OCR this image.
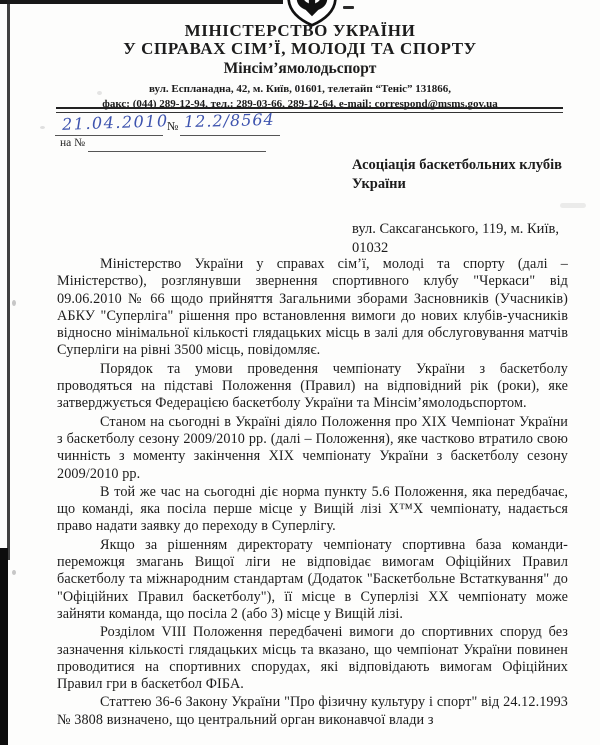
МІНІСТЕРСТВО УКРАЇНИ
У СПРАВАХ СІМ’Ї, МОЛОДІ ТА СПОРТУ
Мінсім’ямолодьспорт
вул. Еспланадна, 42, м. Київ, 01601, телетайп “Теніс” 131866,
факс: (044) 289-12-94, тел.: 289-03-66, 289-12-64, e-mail: correspond@msms.gov.ua
21.04.2010
№ 12.2/8564
на №
Асоціація баскетбольних клубів
України
вул. Саксаганського, 119, м. Київ,
01032

Міністерство України у справах сім’ї, молоді та спорту (далі – Міністерство), розглянувши звернення спортивного клубу "Черкаси" від 09.06.2010 № 66 щодо прийняття Загальними зборами Засновників (Учасників) АБКУ "Суперліга" рішення про встановлення вимоги до нових клубів-учасників відносно мінімальної кількості глядацьких місць в залі для обслуговування матчів Суперліги на рівні 3500 місць, повідомляє.

Порядок та умови проведення чемпіонату України з баскетболу проводяться на підставі Положення (Правил) на відповідний рік (роки), яке затверджується Федерацією баскетболу України та Мінсім’ямолодьспортом.

Станом на сьогодні в Україні діяло Положення про XIX Чемпіонат України з баскетболу сезону 2009/2010 рр. (далі – Положення), яке частково втратило свою чинність з моменту закінчення XIX чемпіонату України з баскетболу сезону 2009/2010 рр.

В той же час на сьогодні діє норма пункту 5.6 Положення, яка передбачає, що команді, яка посіла перше місце у Вищій лізі Х™Х чемпіонату, надається право надати заявку до переходу в Суперлігу.

Якщо за рішенням директорату чемпіонату спортивна база команди-переможця змагань Вищої ліги не відповідає вимогам Офіційних Правил баскетболу та міжнародним стандартам (Додаток "Баскетбольне Встаткування" до "Офіційних Правил баскетболу"), її місце в Суперлізі ХХ чемпіонату може зайняти команда, що посіла 2 (або 3) місце у Вищій лізі.

Розділом VIII Положення передбачені вимоги до спортивних споруд без зазначення кількості глядацьких місць та вказано, що чемпіонат України повинен проводитися на спортивних спорудах, які відповідають вимогам Офіційних Правил гри в баскетбол ФІБА.

Статтею 36-6 Закону України "Про фізичну культуру і спорт" від 24.12.1993 № 3808 визначено, що центральний орган виконавчої влади з
